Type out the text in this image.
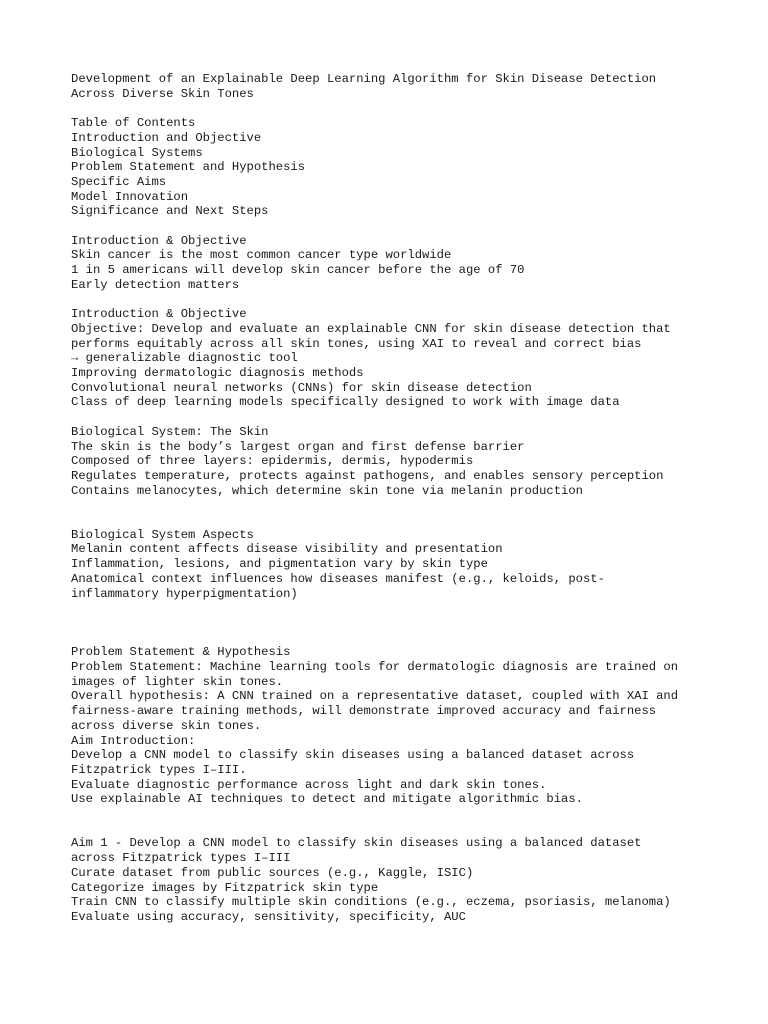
Development of an Explainable Deep Learning Algorithm for Skin Disease Detection
Across Diverse Skin Tones
Table of Contents
Introduction and Objective
Biological Systems
Problem Statement and Hypothesis
Specific Aims
Model Innovation
Significance and Next Steps
Introduction & Objective
Skin cancer is the most common cancer type worldwide
1 in 5 americans will develop skin cancer before the age of 70
Early detection matters
Introduction & Objective
Objective: Develop and evaluate an explainable CNN for skin disease detection that
performs equitably across all skin tones, using XAI to reveal and correct bias
→ generalizable diagnostic tool
Improving dermatologic diagnosis methods
Convolutional neural networks (CNNs) for skin disease detection
Class of deep learning models specifically designed to work with image data
Biological System: The Skin
The skin is the body’s largest organ and first defense barrier
Composed of three layers: epidermis, dermis, hypodermis
Regulates temperature, protects against pathogens, and enables sensory perception
Contains melanocytes, which determine skin tone via melanin production
Biological System Aspects
Melanin content affects disease visibility and presentation
Inflammation, lesions, and pigmentation vary by skin type
Anatomical context influences how diseases manifest (e.g., keloids, post-
inflammatory hyperpigmentation)
Problem Statement & Hypothesis
Problem Statement: Machine learning tools for dermatologic diagnosis are trained on
images of lighter skin tones.
Overall hypothesis: A CNN trained on a representative dataset, coupled with XAI and
fairness-aware training methods, will demonstrate improved accuracy and fairness
across diverse skin tones.
Aim Introduction:
Develop a CNN model to classify skin diseases using a balanced dataset across
Fitzpatrick types I–III.
Evaluate diagnostic performance across light and dark skin tones.
Use explainable AI techniques to detect and mitigate algorithmic bias.
Aim 1 - Develop a CNN model to classify skin diseases using a balanced dataset
across Fitzpatrick types I–III
Curate dataset from public sources (e.g., Kaggle, ISIC)
Categorize images by Fitzpatrick skin type
Train CNN to classify multiple skin conditions (e.g., eczema, psoriasis, melanoma)
Evaluate using accuracy, sensitivity, specificity, AUC
